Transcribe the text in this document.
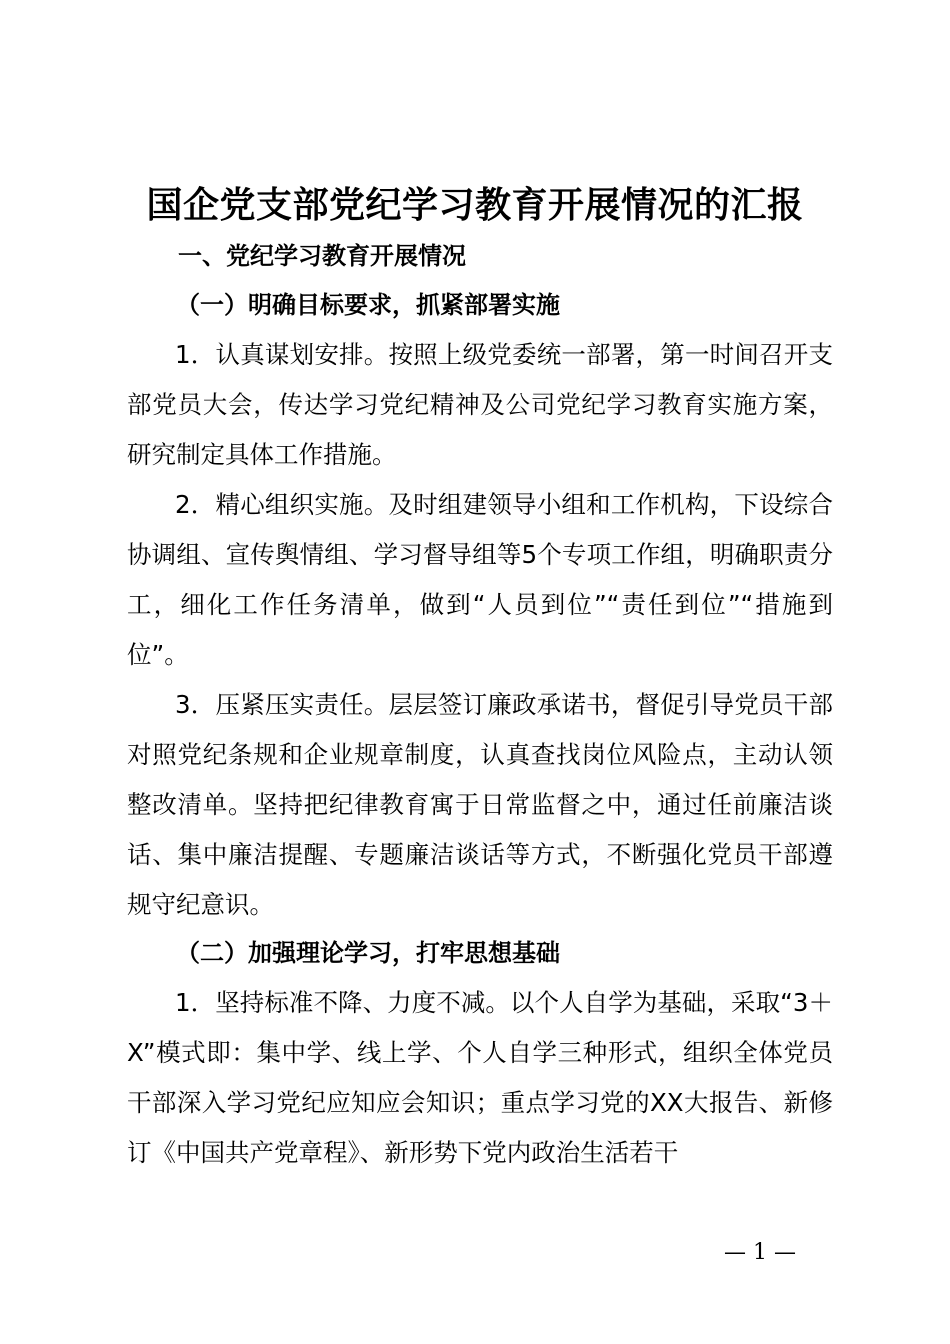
国企党支部党纪学习教育开展情况的汇报
一、党纪学习教育开展情况
（一）明确目标要求，抓紧部署实施

1．认真谋划安排。按照上级党委统一部署，第一时间召开支部党员大会，传达学习党纪精神及公司党纪学习教育实施方案，研究制定具体工作措施。

2．精心组织实施。及时组建领导小组和工作机构，下设综合协调组、宣传舆情组、学习督导组等5个专项工作组，明确职责分工，细化工作任务清单，做到“人员到位”“责任到位”“措施到位”。

3．压紧压实责任。层层签订廉政承诺书，督促引导党员干部对照党纪条规和企业规章制度，认真查找岗位风险点，主动认领整改清单。坚持把纪律教育寓于日常监督之中，通过任前廉洁谈话、集中廉洁提醒、专题廉洁谈话等方式，不断强化党员干部遵规守纪意识。

（二）加强理论学习，打牢思想基础

1．坚持标准不降、力度不减。以个人自学为基础，采取“3＋X”模式即：集中学、线上学、个人自学三种形式，组织全体党员干部深入学习党纪应知应会知识；重点学习党的XX大报告、新修订《中国共产党章程》、新形势下党内政治生活若干

— 1 —
